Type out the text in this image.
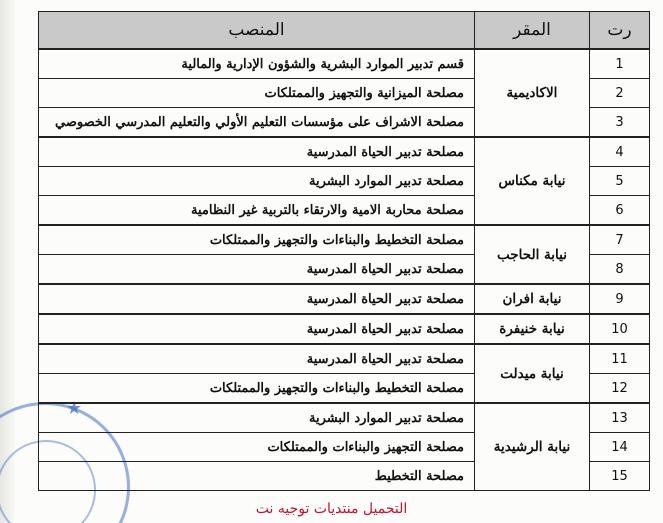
★
رت	المقر	المنصب
1	الاكاديمية	قسم تدبير الموارد البشرية والشؤون الإدارية والمالية
2		مصلحة الميزانية والتجهيز والممتلكات
3		مصلحة الاشراف على مؤسسات التعليم الأولي والتعليم المدرسي الخصوصي
4	نيابة مكناس	مصلحة تدبير الحياة المدرسية
5		مصلحة تدبير الموارد البشرية
6		مصلحة محاربة الامية والارتقاء بالتربية غير النظامية
7	نيابة الحاجب	مصلحة التخطيط والبناءات والتجهيز والممتلكات
8		مصلحة تدبير الحياة المدرسية
9	نيابة افران	مصلحة تدبير الحياة المدرسية
10	نيابة خنيفرة	مصلحة تدبير الحياة المدرسية
11	نيابة ميدلت	مصلحة تدبير الحياة المدرسية
12		مصلحة التخطيط والبناءات والتجهيز والممتلكات
13	نيابة الرشيدية	مصلحة تدبير الموارد البشرية
14		مصلحة التجهيز والبناءات والممتلكات
15		مصلحة التخطيط
التحميل منتديات توجيه نت
